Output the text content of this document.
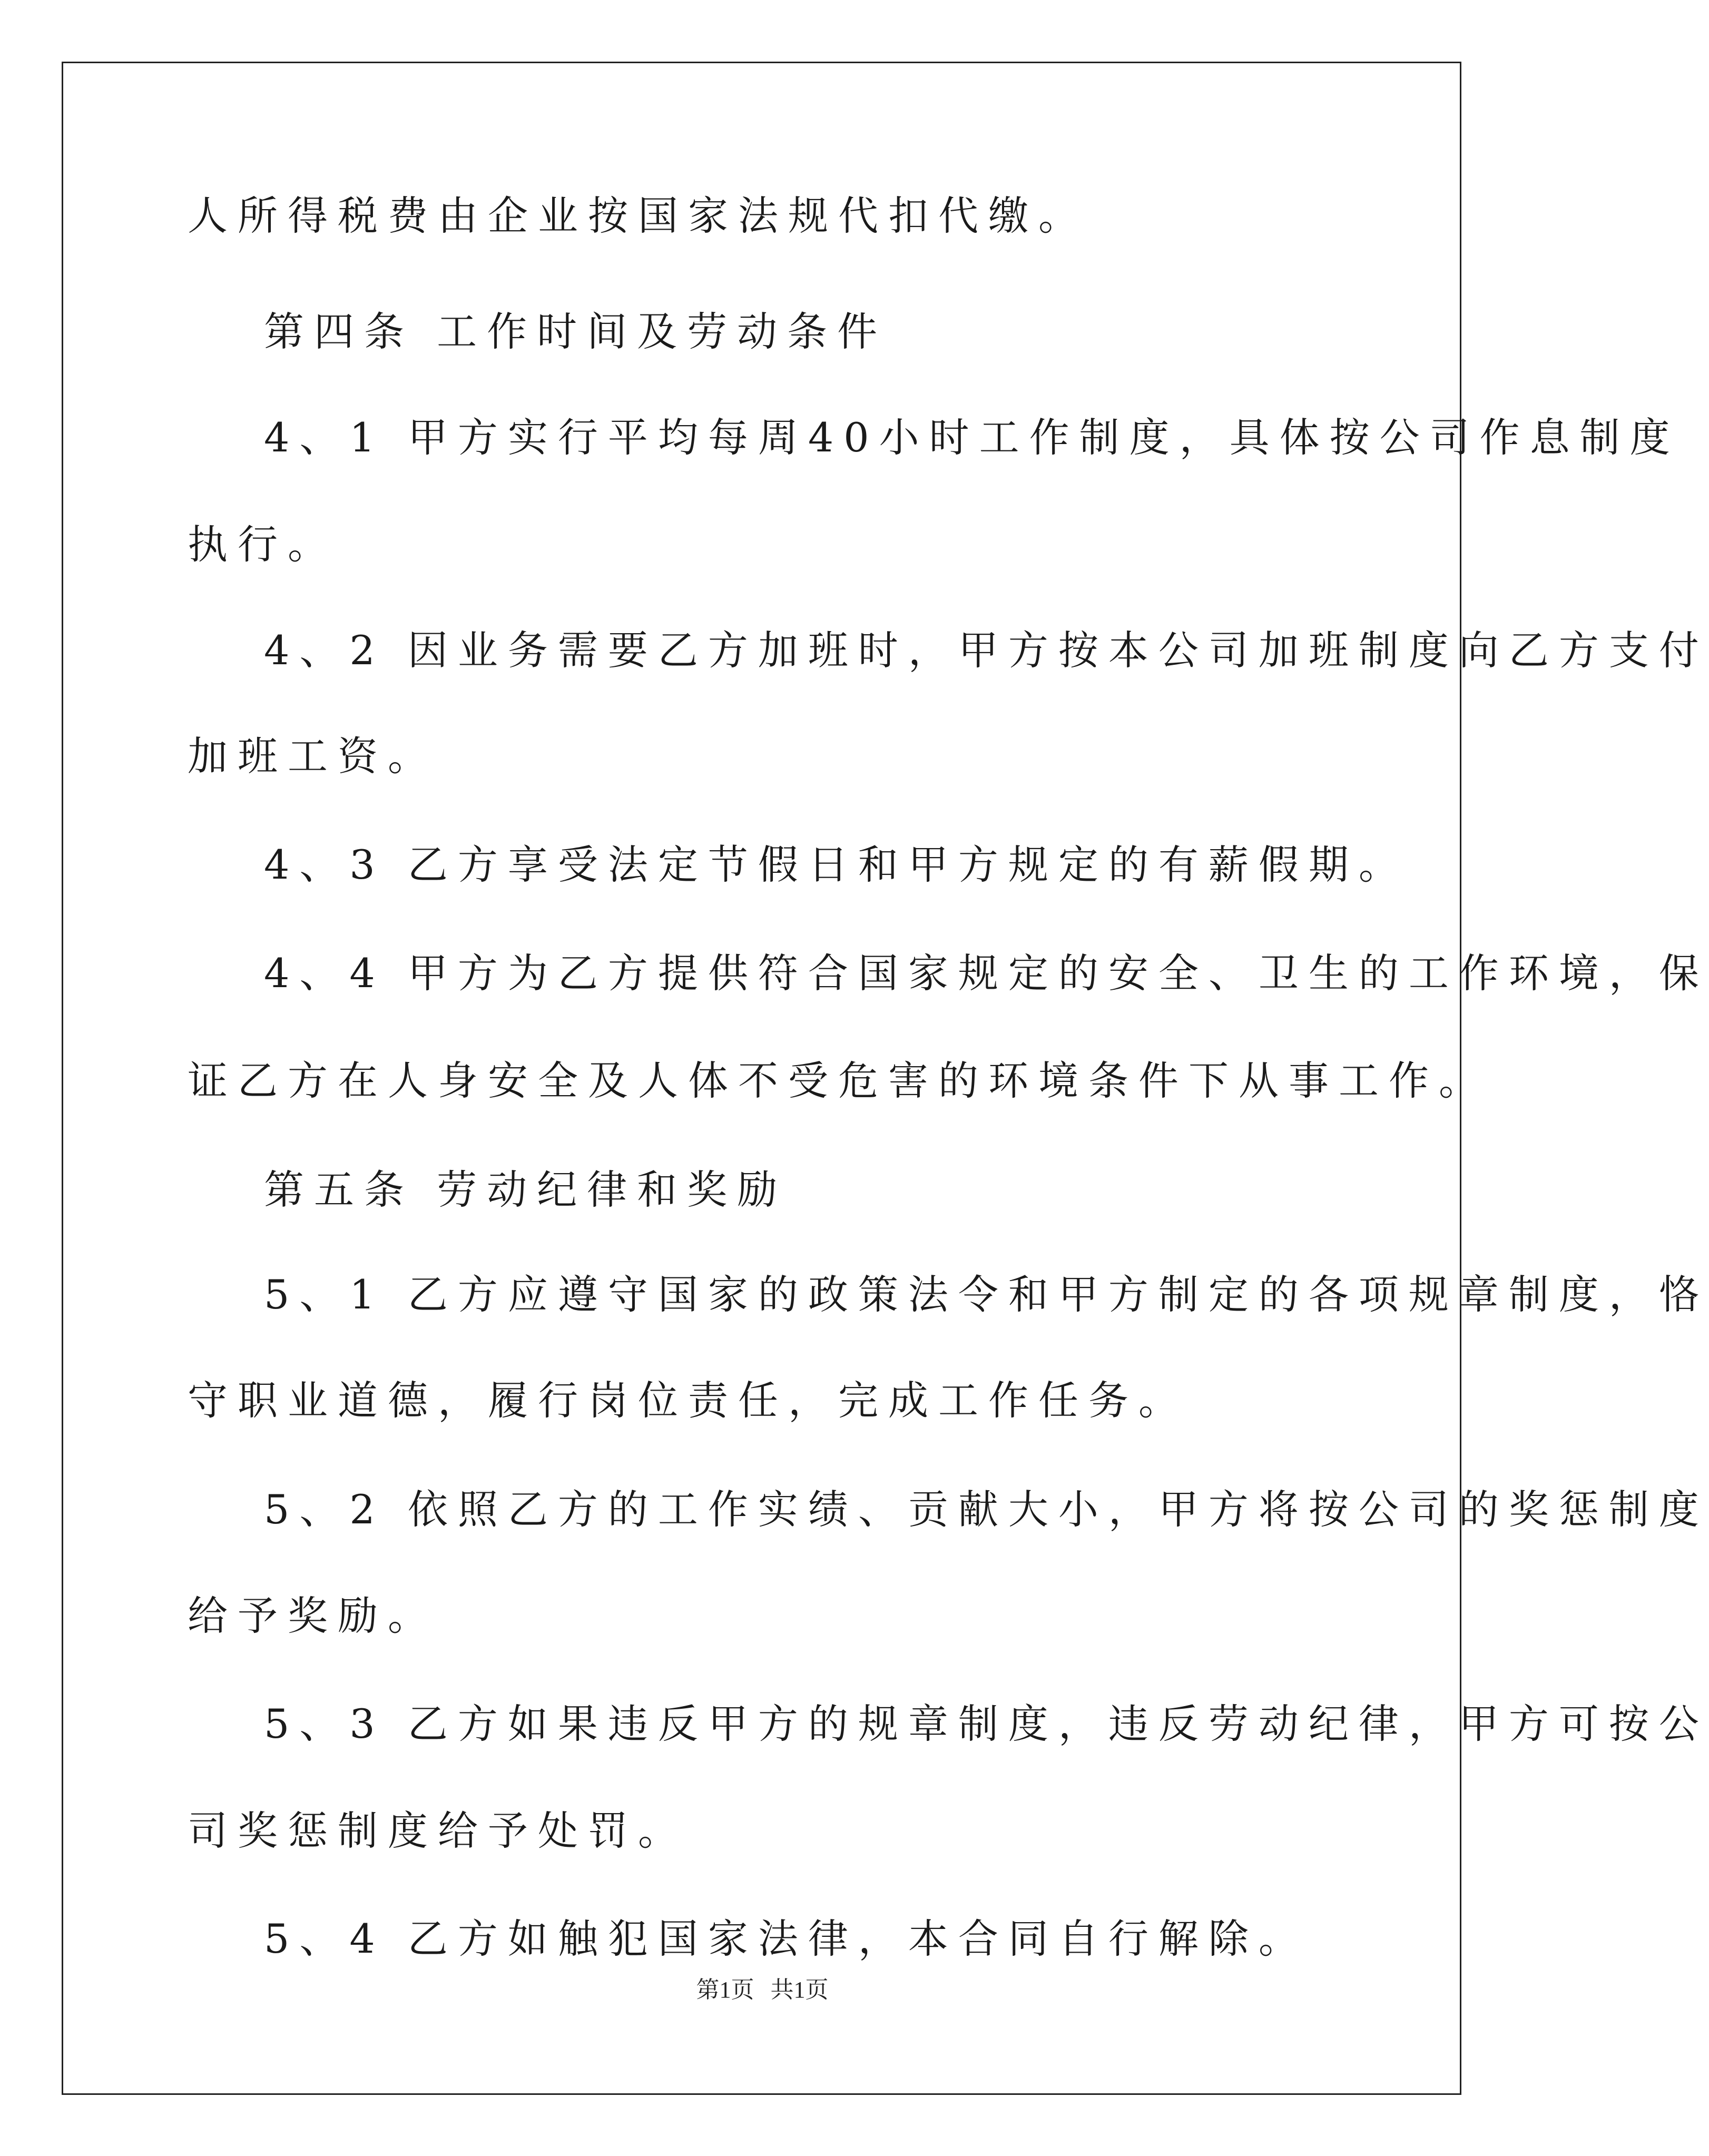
人所得税费由企业按国家法规代扣代缴。

第四条 工作时间及劳动条件

4、1 甲方实行平均每周40小时工作制度，具体按公司作息制度

执行。

4、2 因业务需要乙方加班时，甲方按本公司加班制度向乙方支付

加班工资。

4、3 乙方享受法定节假日和甲方规定的有薪假期。

4、4 甲方为乙方提供符合国家规定的安全、卫生的工作环境，保

证乙方在人身安全及人体不受危害的环境条件下从事工作。

第五条 劳动纪律和奖励

5、1 乙方应遵守国家的政策法令和甲方制定的各项规章制度，恪

守职业道德，履行岗位责任，完成工作任务。

5、2 依照乙方的工作实绩、贡献大小，甲方将按公司的奖惩制度

给予奖励。

5、3 乙方如果违反甲方的规章制度，违反劳动纪律，甲方可按公

司奖惩制度给予处罚。

5、4 乙方如触犯国家法律，本合同自行解除。

第1页 共1页
